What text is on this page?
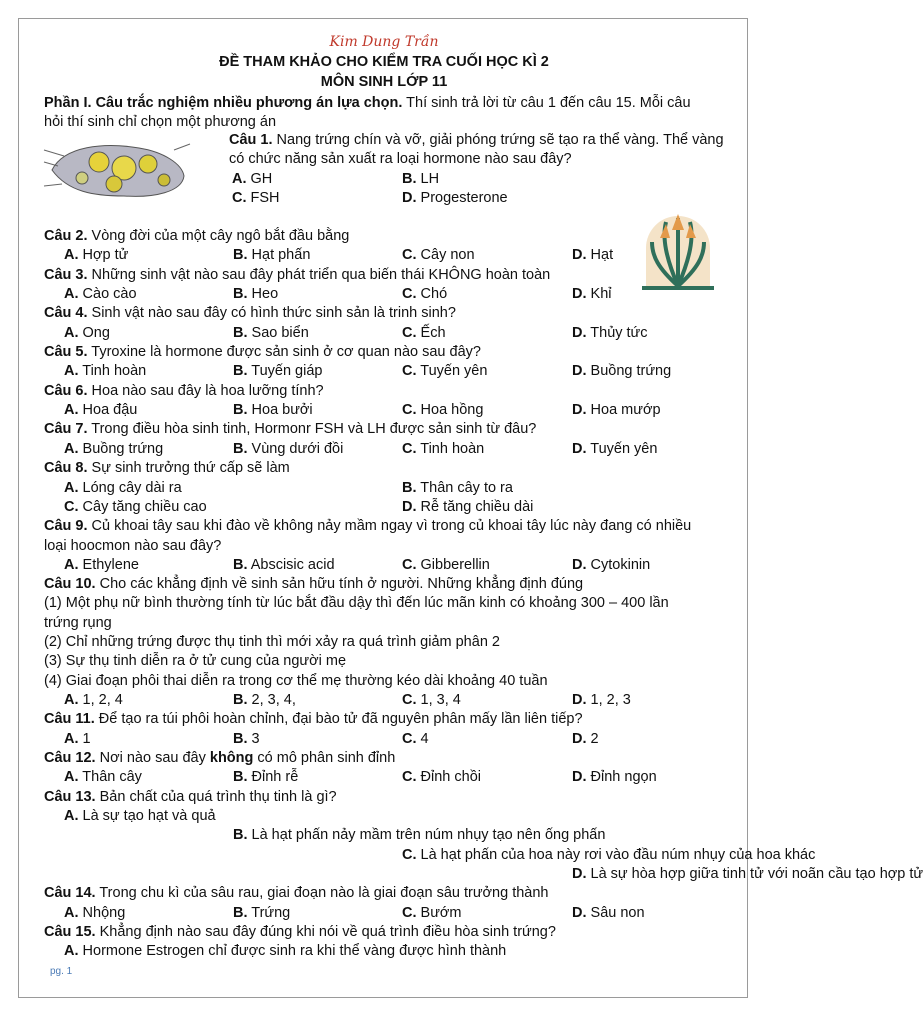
Kim Dung Trần
ĐỀ THAM KHẢO CHO KIỂM TRA CUỐI HỌC KÌ 2
MÔN SINH LỚP 11
Phần I. Câu trắc nghiệm nhiều phương án lựa chọn. Thí sinh trả lời từ câu 1 đến câu 15. Mỗi câu
hỏi thí sinh chỉ chọn một phương án
Câu 1. Nang trứng chín và vỡ, giải phóng trứng sẽ tạo ra thể vàng. Thể vàng
có chức năng sản xuất ra loại hormone nào sau đây?
A. GH	B. LH
C. FSH	D. Progesterone
Câu 2. Vòng đời của một cây ngô bắt đầu bằng
A. Hợp tử	B. Hạt phấn	C. Cây non	D. Hạt
Câu 3. Những sinh vật nào sau đây phát triển qua biến thái KHÔNG hoàn toàn
A. Cào cào	B. Heo	C. Chó	D. Khỉ
Câu 4. Sinh vật nào sau đây có hình thức sinh sản là trinh sinh?
A. Ong	B. Sao biển	C. Ếch	D. Thủy tức
Câu 5. Tyroxine là hormone được sản sinh ở cơ quan nào sau đây?
A. Tinh hoàn	B. Tuyến giáp	C. Tuyến yên	D. Buồng trứng
Câu 6. Hoa nào sau đây là hoa lưỡng tính?
A. Hoa đậu	B. Hoa bưởi	C. Hoa hồng	D. Hoa mướp
Câu 7. Trong điều hòa sinh tinh, Hormonr FSH và LH được sản sinh từ đâu?
A. Buồng trứng	B. Vùng dưới đồi	C. Tinh hoàn	D. Tuyến yên
Câu 8. Sự sinh trưởng thứ cấp sẽ làm
A. Lóng cây dài ra	B. Thân cây to ra
C. Cây tăng chiều cao	D. Rễ tăng chiều dài
Câu 9. Củ khoai tây sau khi đào về không nảy mầm ngay vì trong củ khoai tây lúc này đang có nhiều
loại hoocmon nào sau đây?
A. Ethylene	B. Abscisic acid	C. Gibberellin	D. Cytokinin
Câu 10. Cho các khẳng định về sinh sản hữu tính ở người. Những khẳng định đúng
(1) Một phụ nữ bình thường tính từ lúc bắt đầu dậy thì đến lúc mãn kinh có khoảng 300 – 400 lần
trứng rụng
(2) Chỉ những trứng được thụ tinh thì mới xảy ra quá trình giảm phân 2
(3) Sự thụ tinh diễn ra ở tử cung của người mẹ
(4) Giai đoạn phôi thai diễn ra trong cơ thể mẹ thường kéo dài khoảng 40 tuần
A. 1, 2, 4	B. 2, 3, 4,	C. 1, 3, 4	D. 1, 2, 3
Câu 11. Để tạo ra túi phôi hoàn chỉnh, đại bào tử đã nguyên phân mấy lần liên tiếp?
A. 1	B. 3	C. 4	D. 2
Câu 12. Nơi nào sau đây không có mô phân sinh đỉnh
A. Thân cây	B. Đỉnh rễ	C. Đỉnh chồi	D. Đỉnh ngọn
Câu 13. Bản chất của quá trình thụ tinh là gì?
A. Là sự tạo hạt và quả
B. Là hạt phấn nảy mầm trên núm nhụy tạo nên ống phấn
C. Là hạt phấn của hoa này rơi vào đầu núm nhụy của hoa khác
D. Là sự hòa hợp giữa tinh tử với noãn cầu tạo hợp tử
Câu 14. Trong chu kì của sâu rau, giai đoạn nào là giai đoạn sâu trưởng thành
A. Nhộng	B. Trứng	C. Bướm	D. Sâu non
Câu 15. Khẳng định nào sau đây đúng khi nói về quá trình điều hòa sinh trứng?
A. Hormone Estrogen chỉ được sinh ra khi thể vàng được hình thành
pg. 1
